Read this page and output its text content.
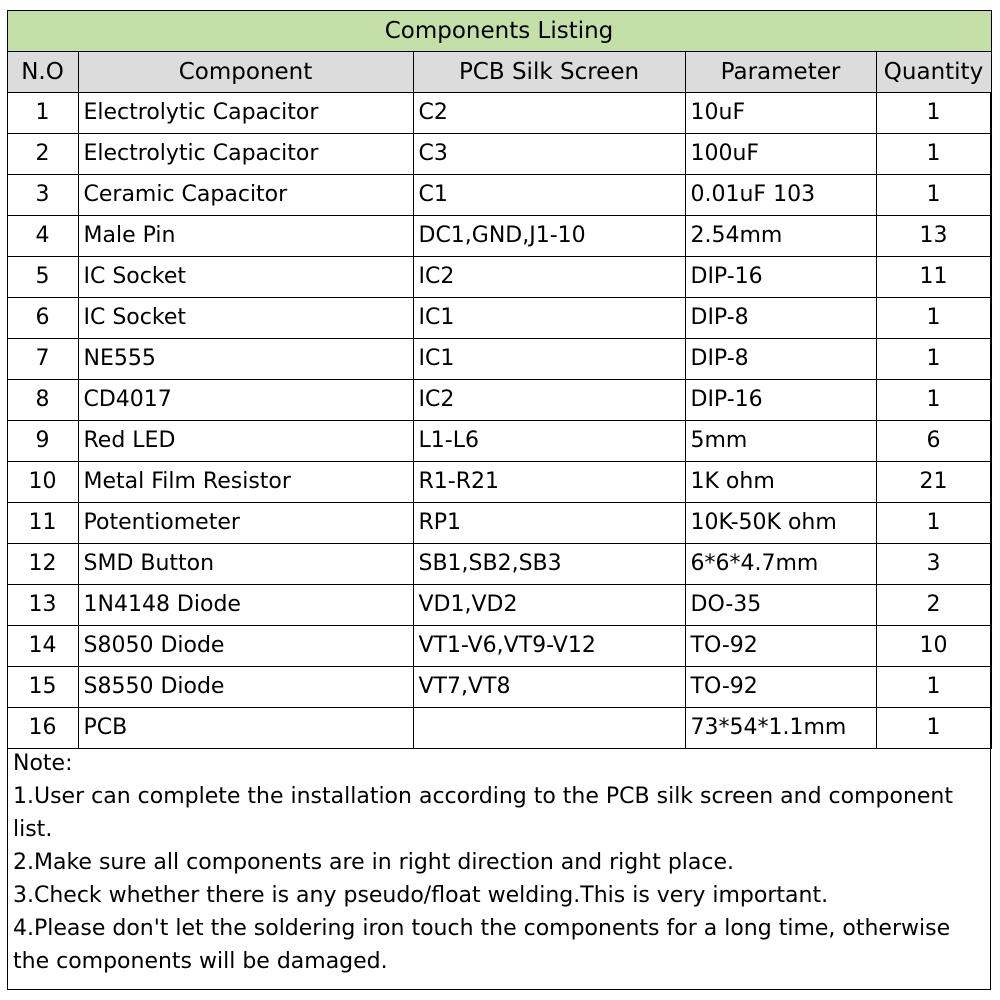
Components Listing				
N.O	Component	PCB Silk Screen	Parameter	Quantity
1	Electrolytic Capacitor	C2	10uF	1
2	Electrolytic Capacitor	C3	100uF	1
3	Ceramic Capacitor	C1	0.01uF 103	1
4	Male Pin	DC1,GND,J1-10	2.54mm	13
5	IC Socket	IC2	DIP-16	11
6	IC Socket	IC1	DIP-8	1
7	NE555	IC1	DIP-8	1
8	CD4017	IC2	DIP-16	1
9	Red LED	L1-L6	5mm	6
10	Metal Film Resistor	R1-R21	1K ohm	21
11	Potentiometer	RP1	10K-50K ohm	1
12	SMD Button	SB1,SB2,SB3	6*6*4.7mm	3
13	1N4148 Diode	VD1,VD2	DO-35	2
14	S8050 Diode	VT1-V6,VT9-V12	TO-92	10
15	S8550 Diode	VT7,VT8	TO-92	1
16	PCB		73*54*1.1mm	1
Note:
1.User can complete the installation according to the PCB silk screen and component list.
2.Make sure all components are in right direction and right place.
3.Check whether there is any pseudo/float welding.This is very important.
4.Please don't let the soldering iron touch the components for a long time, otherwise the components will be damaged.
